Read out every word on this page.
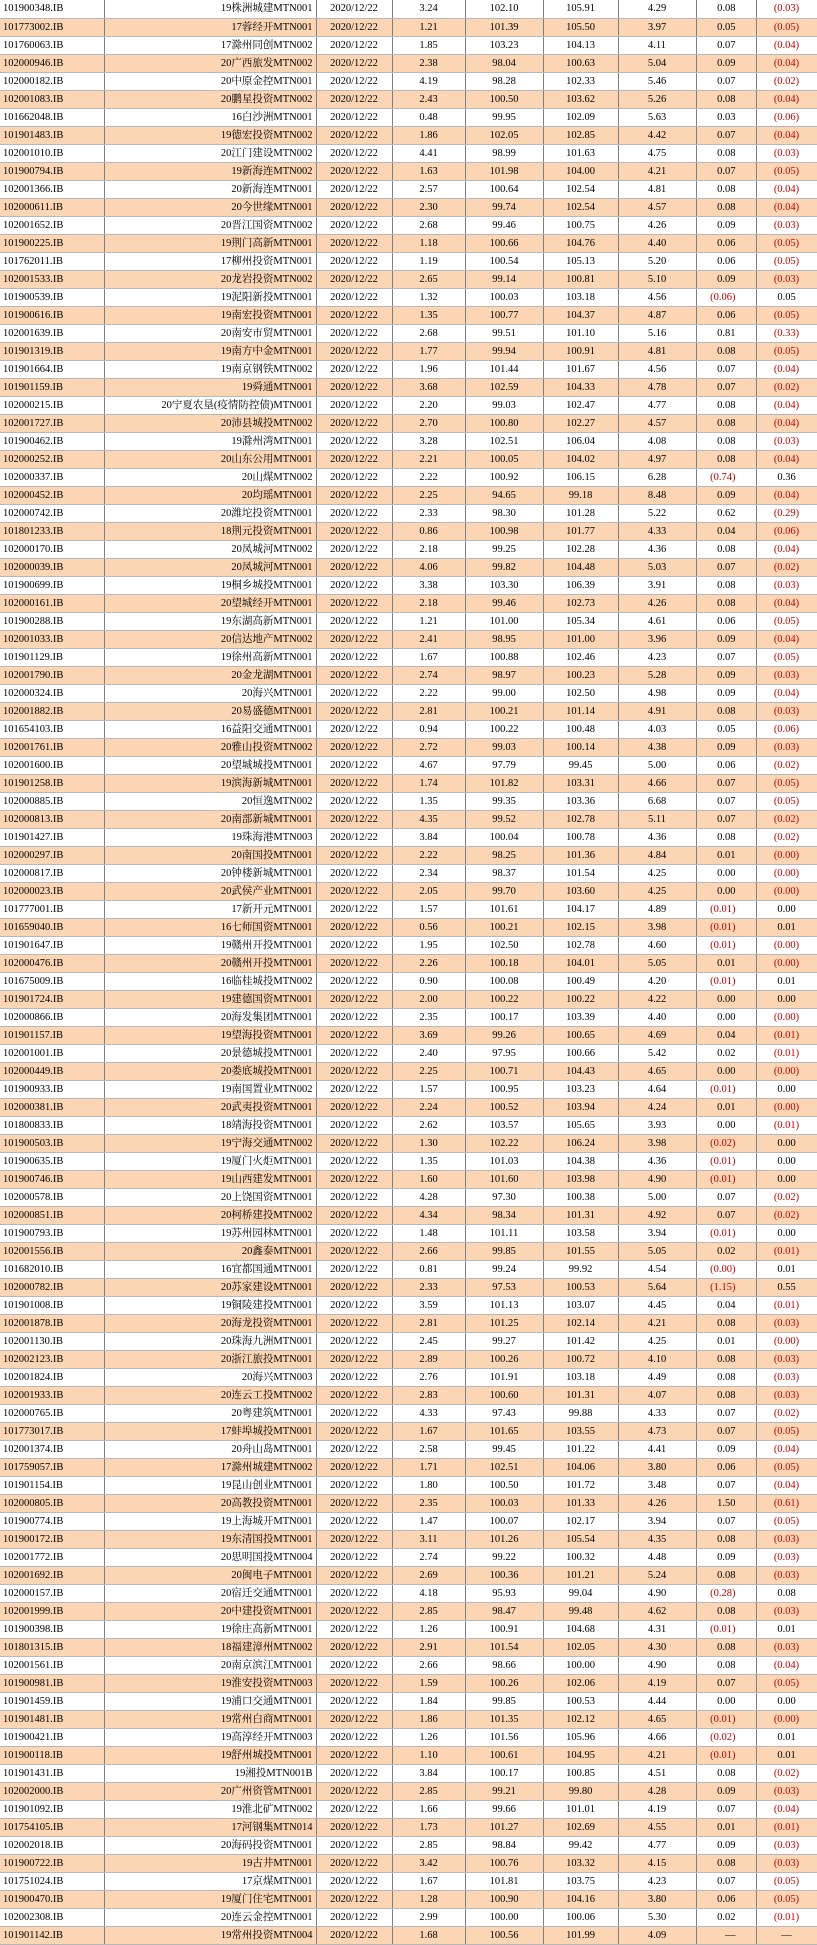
101900348.IB	19株洲城建MTN001	2020/12/22	3.24	102.10	105.91	4.29	0.08	(0.03)
101773002.IB	17蓉经开MTN001	2020/12/22	1.21	101.39	105.50	3.97	0.05	(0.05)
101760063.IB	17滁州同创MTN002	2020/12/22	1.85	103.23	104.13	4.11	0.07	(0.04)
102000946.IB	20广西旅发MTN002	2020/12/22	2.38	98.04	100.63	5.04	0.09	(0.04)
102000182.IB	20中原金控MTN001	2020/12/22	4.19	98.28	102.33	5.46	0.07	(0.02)
102001083.IB	20鹏星投资MTN002	2020/12/22	2.43	100.50	103.62	5.26	0.08	(0.04)
101662048.IB	16白沙洲MTN001	2020/12/22	0.48	99.95	102.09	5.63	0.03	(0.06)
101901483.IB	19德宏投资MTN002	2020/12/22	1.86	102.05	102.85	4.42	0.07	(0.04)
102001010.IB	20江门建设MTN002	2020/12/22	4.41	98.99	101.63	4.75	0.08	(0.03)
101900794.IB	19新海连MTN002	2020/12/22	1.63	101.98	104.00	4.21	0.07	(0.05)
102001366.IB	20新海连MTN001	2020/12/22	2.57	100.64	102.54	4.81	0.08	(0.04)
102000611.IB	20今世缘MTN001	2020/12/22	2.30	99.74	102.54	4.57	0.08	(0.04)
102001652.IB	20晋江国资MTN002	2020/12/22	2.68	99.46	100.75	4.26	0.09	(0.03)
101900225.IB	19荆门高新MTN001	2020/12/22	1.18	100.66	104.76	4.40	0.06	(0.05)
101762011.IB	17柳州投资MTN001	2020/12/22	1.19	100.54	105.13	5.20	0.06	(0.05)
102001533.IB	20龙岩投资MTN002	2020/12/22	2.65	99.14	100.81	5.10	0.09	(0.03)
101900539.IB	19泥阳新投MTN001	2020/12/22	1.32	100.03	103.18	4.56	(0.06)	0.05
101900616.IB	19南宏投资MTN001	2020/12/22	1.35	100.77	104.37	4.87	0.06	(0.05)
102001639.IB	20南安市贸MTN001	2020/12/22	2.68	99.51	101.10	5.16	0.81	(0.33)
101901319.IB	19南方中金MTN001	2020/12/22	1.77	99.94	100.91	4.81	0.08	(0.05)
101901664.IB	19南京钢铁MTN002	2020/12/22	1.96	101.44	101.67	4.56	0.07	(0.04)
101901159.IB	19舜通MTN001	2020/12/22	3.68	102.59	104.33	4.78	0.07	(0.02)
102000215.IB	20宁夏农垦(疫情防控债)MTN001	2020/12/22	2.20	99.03	102.47	4.77	0.08	(0.04)
102001727.IB	20沛县城投MTN002	2020/12/22	2.70	100.80	102.27	4.57	0.08	(0.04)
101900462.IB	19滁州湾MTN001	2020/12/22	3.28	102.51	106.04	4.08	0.08	(0.03)
102000252.IB	20山东公用MTN001	2020/12/22	2.21	100.05	104.02	4.97	0.08	(0.04)
102000337.IB	20山煤MTN002	2020/12/22	2.22	100.92	106.15	6.28	(0.74)	0.36
102000452.IB	20均瑶MTN001	2020/12/22	2.25	94.65	99.18	8.48	0.09	(0.04)
102000742.IB	20潍坨投资MTN001	2020/12/22	2.33	98.30	101.28	5.22	0.62	(0.29)
101801233.IB	18荆元投资MTN001	2020/12/22	0.86	100.98	101.77	4.33	0.04	(0.06)
102000170.IB	20凤城河MTN002	2020/12/22	2.18	99.25	102.28	4.36	0.08	(0.04)
102000039.IB	20凤城河MTN001	2020/12/22	4.06	99.82	104.48	5.03	0.07	(0.02)
101900699.IB	19桐乡城投MTN001	2020/12/22	3.38	103.30	106.39	3.91	0.08	(0.03)
102000161.IB	20望城经开MTN001	2020/12/22	2.18	99.46	102.73	4.26	0.08	(0.04)
101900288.IB	19东湖高新MTN001	2020/12/22	1.21	101.00	105.34	4.61	0.06	(0.05)
102001033.IB	20信达地产MTN002	2020/12/22	2.41	98.95	101.00	3.96	0.09	(0.04)
101901129.IB	19徐州高新MTN001	2020/12/22	1.67	100.88	102.46	4.23	0.07	(0.05)
102001790.IB	20金龙湖MTN001	2020/12/22	2.74	98.97	100.23	5.28	0.09	(0.03)
102000324.IB	20海兴MTN001	2020/12/22	2.22	99.00	102.50	4.98	0.09	(0.04)
102001882.IB	20易盛德MTN001	2020/12/22	2.81	100.21	101.14	4.91	0.08	(0.03)
101654103.IB	16益阳交通MTN001	2020/12/22	0.94	100.22	100.48	4.03	0.05	(0.06)
102001761.IB	20雅山投资MTN002	2020/12/22	2.72	99.03	100.14	4.38	0.09	(0.03)
102001600.IB	20望城城投MTN001	2020/12/22	4.67	97.79	99.45	5.00	0.06	(0.02)
101901258.IB	19滨海新城MTN001	2020/12/22	1.74	101.82	103.31	4.66	0.07	(0.05)
102000885.IB	20恒逸MTN002	2020/12/22	1.35	99.35	103.36	6.68	0.07	(0.05)
102000813.IB	20南部新城MTN001	2020/12/22	4.35	99.52	102.78	5.11	0.07	(0.02)
101901427.IB	19珠海港MTN003	2020/12/22	3.84	100.04	100.78	4.36	0.08	(0.02)
102000297.IB	20南国投MTN001	2020/12/22	2.22	98.25	101.36	4.84	0.01	(0.00)
102000817.IB	20钟楼新城MTN001	2020/12/22	2.34	98.37	101.54	4.25	0.00	(0.00)
102000023.IB	20武侯产业MTN001	2020/12/22	2.05	99.70	103.60	4.25	0.00	(0.00)
101777001.IB	17新开元MTN001	2020/12/22	1.57	101.61	104.17	4.89	(0.01)	0.00
101659040.IB	16七师国资MTN001	2020/12/22	0.56	100.21	102.15	3.98	(0.01)	0.01
101901647.IB	19赣州开投MTN001	2020/12/22	1.95	102.50	102.78	4.60	(0.01)	(0.00)
102000476.IB	20赣州开投MTN001	2020/12/22	2.26	100.18	104.01	5.05	0.01	(0.00)
101675009.IB	16临桂城投MTN002	2020/12/22	0.90	100.08	100.49	4.20	(0.01)	0.01
101901724.IB	19建德国资MTN001	2020/12/22	2.00	100.22	100.22	4.22	0.00	0.00
102000866.IB	20海发集团MTN001	2020/12/22	2.35	100.17	103.39	4.40	0.00	(0.00)
101901157.IB	19望海投资MTN001	2020/12/22	3.69	99.26	100.65	4.69	0.04	(0.01)
102001001.IB	20景德城投MTN001	2020/12/22	2.40	97.95	100.66	5.42	0.02	(0.01)
102000449.IB	20娄底城投MTN001	2020/12/22	2.25	100.71	104.43	4.65	0.00	(0.00)
101900933.IB	19南国置业MTN002	2020/12/22	1.57	100.95	103.23	4.64	(0.01)	0.00
102000381.IB	20武夷投资MTN001	2020/12/22	2.24	100.52	103.94	4.24	0.01	(0.00)
101800833.IB	18靖海投资MTN001	2020/12/22	2.62	103.57	105.65	3.93	0.00	(0.01)
101900503.IB	19宁海交通MTN002	2020/12/22	1.30	102.22	106.24	3.98	(0.02)	0.00
101900635.IB	19厦门火炬MTN001	2020/12/22	1.35	101.03	104.38	4.36	(0.01)	0.00
101900746.IB	19山西建发MTN001	2020/12/22	1.60	101.60	103.98	4.90	(0.01)	0.00
102000578.IB	20上饶国资MTN001	2020/12/22	4.28	97.30	100.38	5.00	0.07	(0.02)
102000851.IB	20柯桥建投MTN002	2020/12/22	4.34	98.34	101.31	4.92	0.07	(0.02)
101900793.IB	19苏州园林MTN001	2020/12/22	1.48	101.11	103.58	3.94	(0.01)	0.00
102001556.IB	20鑫泰MTN001	2020/12/22	2.66	99.85	101.55	5.05	0.02	(0.01)
101682010.IB	16宜都国通MTN001	2020/12/22	0.81	99.24	99.92	4.54	(0.00)	0.01
102000782.IB	20苏家建设MTN001	2020/12/22	2.33	97.53	100.53	5.64	(1.15)	0.55
101901008.IB	19铜陵建投MTN001	2020/12/22	3.59	101.13	103.07	4.45	0.04	(0.01)
102001878.IB	20海龙投资MTN001	2020/12/22	2.81	101.25	102.14	4.21	0.08	(0.03)
102001130.IB	20珠海九洲MTN001	2020/12/22	2.45	99.27	101.42	4.25	0.01	(0.00)
102002123.IB	20浙江旅投MTN001	2020/12/22	2.89	100.26	100.72	4.10	0.08	(0.03)
102001824.IB	20海兴MTN003	2020/12/22	2.76	101.91	103.18	4.49	0.08	(0.03)
102001933.IB	20连云工投MTN002	2020/12/22	2.83	100.60	101.31	4.07	0.08	(0.03)
102000765.IB	20粤建筑MTN001	2020/12/22	4.33	97.43	99.88	4.33	0.07	(0.02)
101773017.IB	17蚌埠城投MTN001	2020/12/22	1.67	101.65	103.55	4.73	0.07	(0.05)
102001374.IB	20舟山岛MTN001	2020/12/22	2.58	99.45	101.22	4.41	0.09	(0.04)
101759057.IB	17滁州城建MTN002	2020/12/22	1.71	102.51	104.06	3.80	0.06	(0.05)
101901154.IB	19昆山创业MTN001	2020/12/22	1.80	100.50	101.72	3.48	0.07	(0.04)
102000805.IB	20高教投资MTN001	2020/12/22	2.35	100.03	101.33	4.26	1.50	(0.61)
101900774.IB	19上海城开MTN001	2020/12/22	1.47	100.07	102.17	3.94	0.07	(0.05)
101900172.IB	19东清国投MTN001	2020/12/22	3.11	101.26	105.54	4.35	0.08	(0.03)
102001772.IB	20思明国投MTN004	2020/12/22	2.74	99.22	100.32	4.48	0.09	(0.03)
102001692.IB	20闽电子MTN001	2020/12/22	2.69	100.36	101.21	5.24	0.08	(0.03)
102000157.IB	20宿迁交通MTN001	2020/12/22	4.18	95.93	99.04	4.90	(0.28)	0.08
102001999.IB	20中建投资MTN001	2020/12/22	2.85	98.47	99.48	4.62	0.08	(0.03)
101900398.IB	19徐庄高新MTN001	2020/12/22	1.26	100.91	104.68	4.31	(0.01)	0.01
101801315.IB	18福建漳州MTN002	2020/12/22	2.91	101.54	102.05	4.30	0.08	(0.03)
102001561.IB	20南京滨江MTN001	2020/12/22	2.66	98.66	100.00	4.90	0.08	(0.04)
101900981.IB	19淮安投资MTN003	2020/12/22	1.59	100.26	102.06	4.19	0.07	(0.05)
101901459.IB	19浦口交通MTN001	2020/12/22	1.84	99.85	100.53	4.44	0.00	0.00
101901481.IB	19常州白商MTN001	2020/12/22	1.86	101.35	102.12	4.65	(0.01)	(0.00)
101900421.IB	19高淳经开MTN003	2020/12/22	1.26	101.56	105.96	4.66	(0.02)	0.01
101900118.IB	19舒州城投MTN001	2020/12/22	1.10	100.61	104.95	4.21	(0.01)	0.01
101901431.IB	19湘投MTN001B	2020/12/22	3.84	100.17	100.85	4.51	0.08	(0.02)
102002000.IB	20广州资管MTN001	2020/12/22	2.85	99.21	99.80	4.28	0.09	(0.03)
101901092.IB	19淮北矿MTN002	2020/12/22	1.66	99.66	101.01	4.19	0.07	(0.04)
101754105.IB	17河钢集MTN014	2020/12/22	1.73	101.27	102.69	4.55	0.01	(0.01)
102002018.IB	20海码投资MTN001	2020/12/22	2.85	98.84	99.42	4.77	0.09	(0.03)
101900722.IB	19古井MTN001	2020/12/22	3.42	100.76	103.32	4.15	0.08	(0.03)
101751024.IB	17京煤MTN001	2020/12/22	1.67	101.81	103.75	4.23	0.07	(0.05)
101900470.IB	19厦门住宅MTN001	2020/12/22	1.28	100.90	104.16	3.80	0.06	(0.05)
102002308.IB	20连云金控MTN001	2020/12/22	2.99	100.00	100.06	5.30	0.02	(0.01)
101901142.IB	19常州投资MTN004	2020/12/22	1.68	100.56	101.99	4.09	—	—
